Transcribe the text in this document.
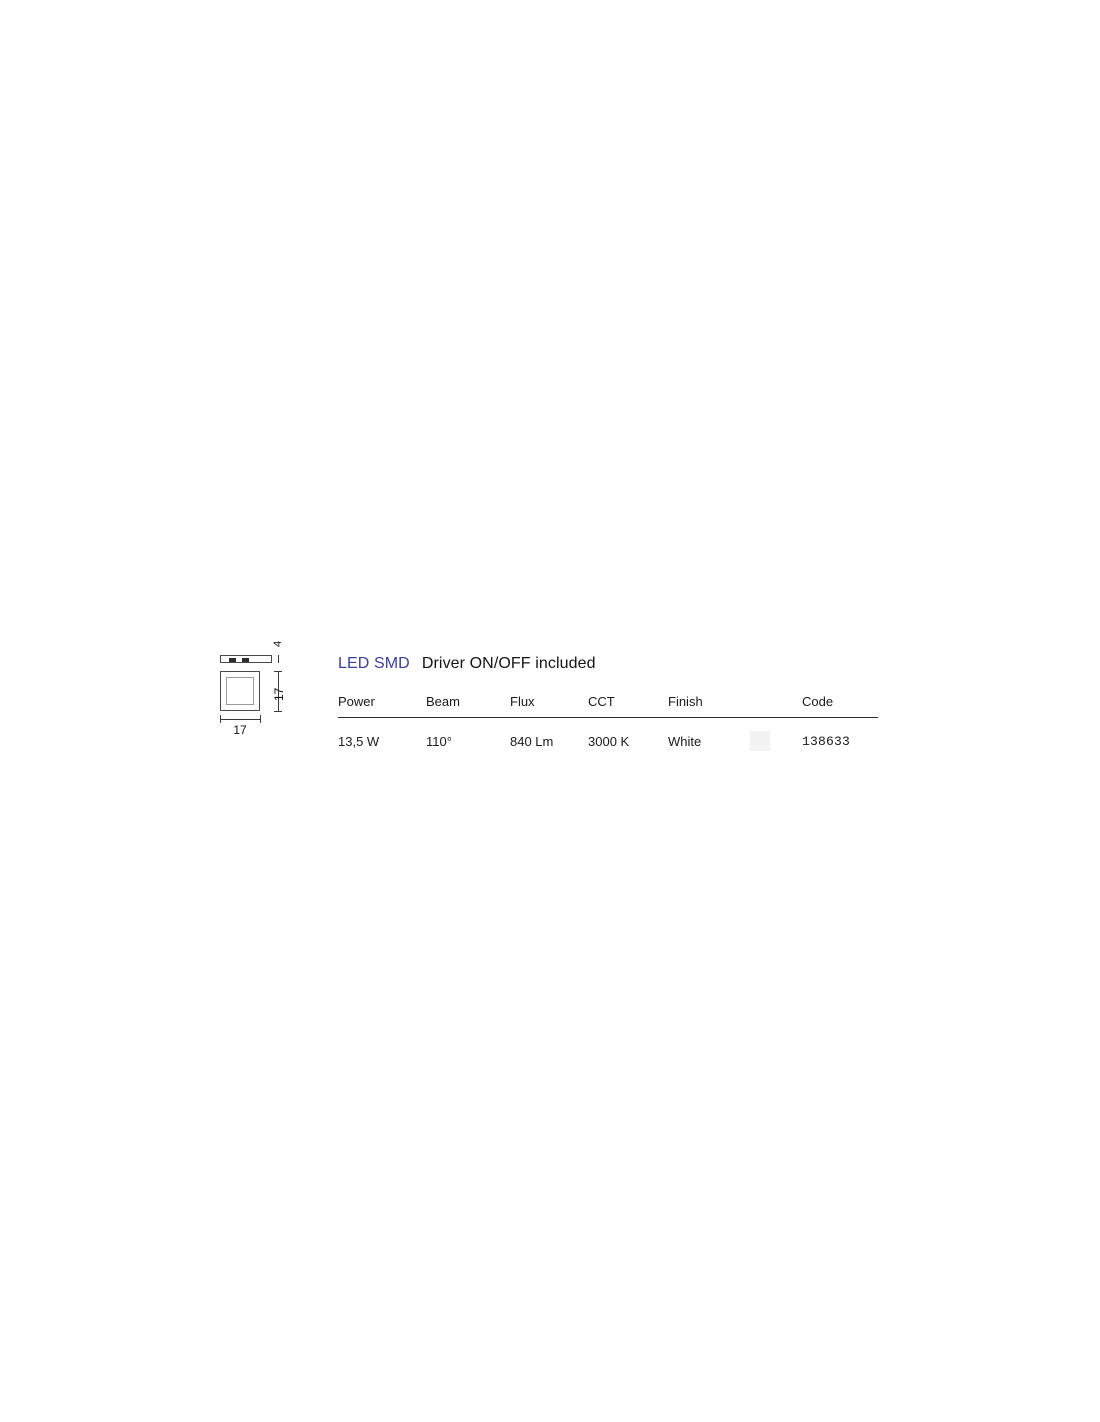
4
17
17
LED SMD Driver ON/OFF included
Power	Beam	Flux	CCT	Finish		Code
13,5 W	110°	840 Lm	3000 K	White		138633
